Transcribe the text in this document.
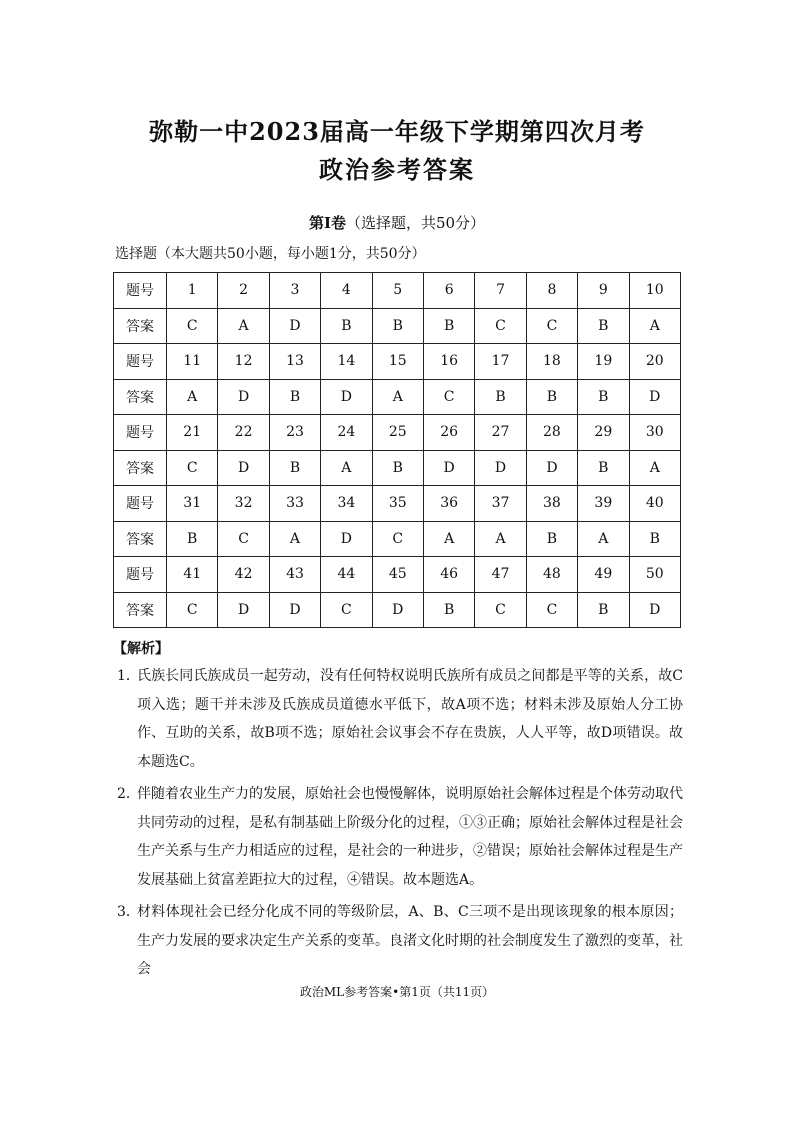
弥勒一中2023届高一年级下学期第四次月考
政治参考答案
第Ⅰ卷（选择题，共50分）
选择题（本大题共50小题，每小题1分，共50分）
题号	1	2	3	4	5	6	7	8	9	10
答案	C	A	D	B	B	B	C	C	B	A
题号	11	12	13	14	15	16	17	18	19	20
答案	A	D	B	D	A	C	B	B	B	D
题号	21	22	23	24	25	26	27	28	29	30
答案	C	D	B	A	B	D	D	D	B	A
题号	31	32	33	34	35	36	37	38	39	40
答案	B	C	A	D	C	A	A	B	A	B
题号	41	42	43	44	45	46	47	48	49	50
答案	C	D	D	C	D	B	C	C	B	D
【解析】
1．
氏族长同氏族成员一起劳动，没有任何特权说明氏族所有成员之间都是平等的关系，故C项入选；题干并未涉及氏族成员道德水平低下，故A项不选；材料未涉及原始人分工协作、互助的关系，故B项不选；原始社会议事会不存在贵族，人人平等，故D项错误。故本题选C。
2．
伴随着农业生产力的发展，原始社会也慢慢解体，说明原始社会解体过程是个体劳动取代共同劳动的过程，是私有制基础上阶级分化的过程，①③正确；原始社会解体过程是社会生产关系与生产力相适应的过程，是社会的一种进步，②错误；原始社会解体过程是生产发展基础上贫富差距拉大的过程，④错误。故本题选A。
3．
材料体现社会已经分化成不同的等级阶层，A、B、C三项不是出现该现象的根本原因；生产力发展的要求决定生产关系的变革。良渚文化时期的社会制度发生了激烈的变革，社会
政治ML参考答案•第1页（共11页）
